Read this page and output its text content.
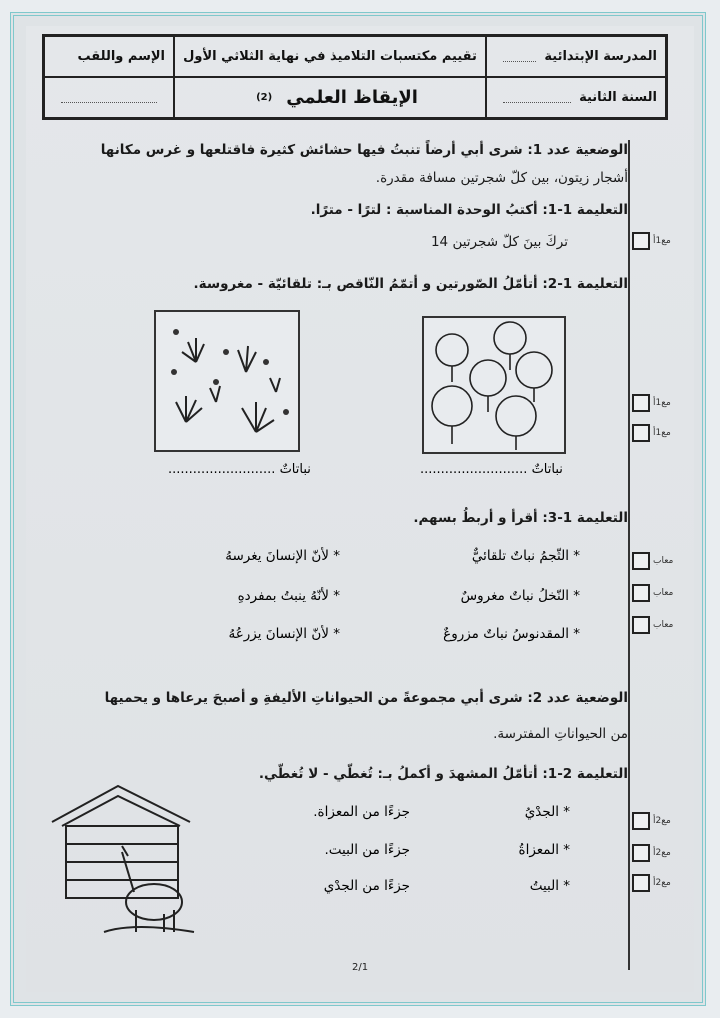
المدرسة الإبتدائية
السنة الثانية
تقييم مكتسبات التلاميذ في نهاية الثلاثي الأول
الإيقاظ العلمي
(2)
الإسم واللقب
الوضعية عدد 1: شرى أبي أرضاً تنبتُ فيها حشائش كثيرة فاقتلعها و غرس مكانها
أشجار زيتون، بين كلّ شجرتين مسافة مقدرة.
التعليمة 1-1: أكتبُ الوحدة المناسبة : لترًا - مترًا.
تركَ بينَ كلّ شجرتين 14
التعليمة 1-2: أتأمّلُ الصّورتين و أتمّمُ النّاقص بـ: تلقائيّة - مغروسة.
التعليمة 1-3: أقرأ و أربطُ بسهم.
نباتاتٌ ..........................	نباتاتٌ ..........................
* الثّجمُ نباتٌ تلقائيٌّ
* النّخلُ نباتٌ مغروسٌ
* المقدنوسُ نباتٌ مزروعٌ
* لأنّ الإنسانَ يغرسهُ
* لأنّهُ ينبتُ بمفردهِ
* لأنّ الإنسانَ يزرعُهُ
الوضعية عدد 2: شرى أبي مجموعةً من الحيواناتِ الأليفةِ و أصبحَ يرعاها و يحميها
من الحيواناتِ المفترسة.
التعليمة 2-1: أتأمّلُ المشهدَ و أكملُ بـ: تُغطّي - لا تُغطّي.
* الجدْيُ
جزءًا من المعزاة.
* المعزاةُ
جزءًا من البيت.
* البيتُ
جزءًا من الجدْي
مع1أ
مع1أ
مع1أ
معاب
معاب
معاب
مع2أ
مع2أ
مع2أ
2/1
